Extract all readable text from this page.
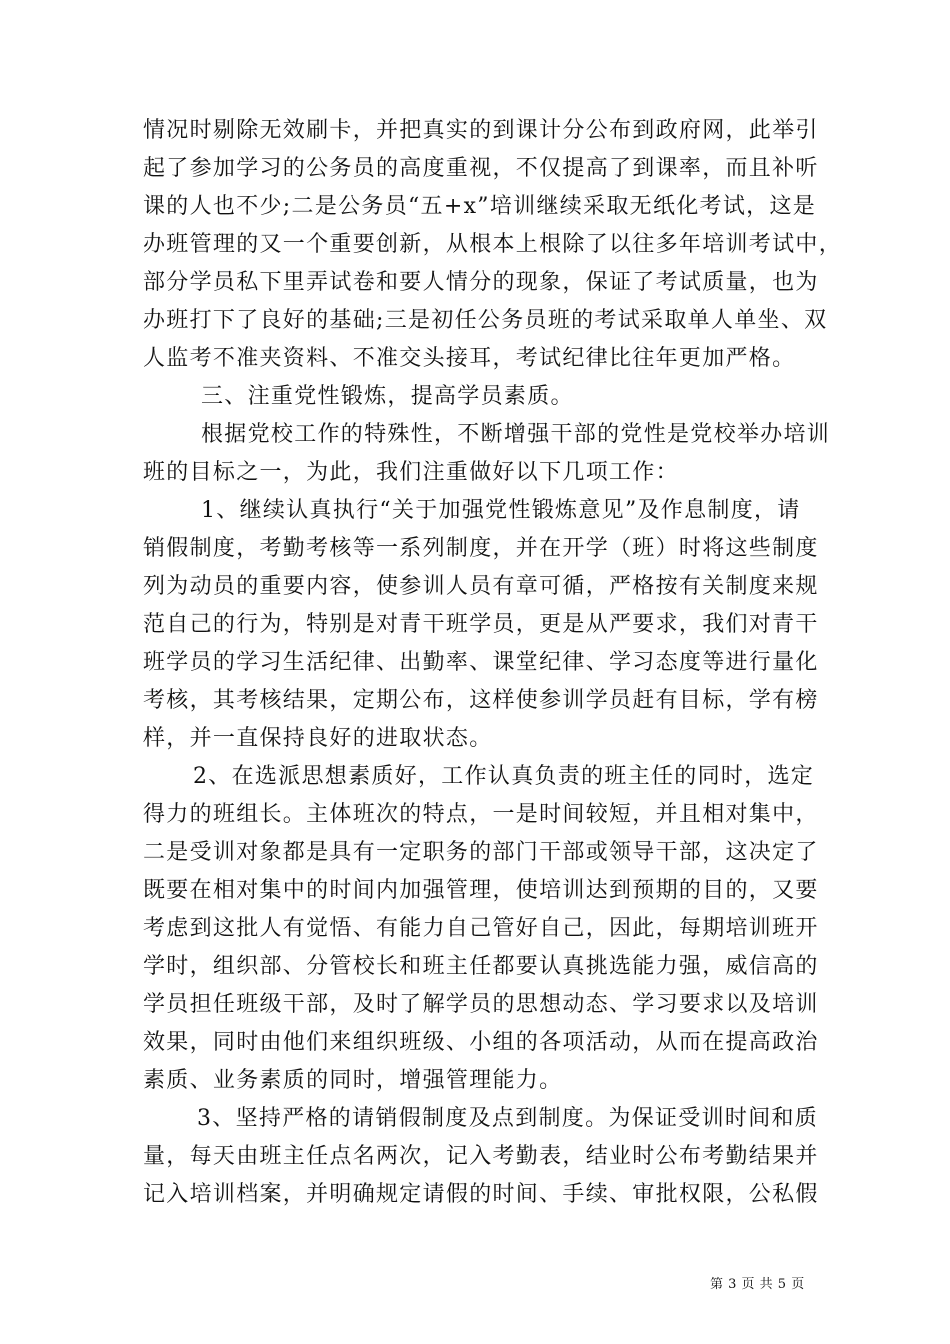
情况时剔除无效刷卡，并把真实的到课计分公布到政府网，此举引
起了参加学习的公务员的高度重视，不仅提高了到课率，而且补听
课的人也不少;二是公务员“五+x”培训继续采取无纸化考试，这是
办班管理的又一个重要创新，从根本上根除了以往多年培训考试中，
部分学员私下里弄试卷和要人情分的现象，保证了考试质量，也为
办班打下了良好的基础;三是初任公务员班的考试采取单人单坐、双
人监考不准夹资料、不准交头接耳，考试纪律比往年更加严格。
三、注重党性锻炼，提高学员素质。
根据党校工作的特殊性，不断增强干部的党性是党校举办培训
班的目标之一，为此，我们注重做好以下几项工作：
1、继续认真执行“关于加强党性锻炼意见”及作息制度，请
销假制度，考勤考核等一系列制度，并在开学（班）时将这些制度
列为动员的重要内容，使参训人员有章可循，严格按有关制度来规
范自己的行为，特别是对青干班学员，更是从严要求，我们对青干
班学员的学习生活纪律、出勤率、课堂纪律、学习态度等进行量化
考核，其考核结果，定期公布，这样使参训学员赶有目标，学有榜
样，并一直保持良好的进取状态。
2、在选派思想素质好，工作认真负责的班主任的同时，选定
得力的班组长。主体班次的特点，一是时间较短，并且相对集中，
二是受训对象都是具有一定职务的部门干部或领导干部，这决定了
既要在相对集中的时间内加强管理，使培训达到预期的目的，又要
考虑到这批人有觉悟、有能力自己管好自己，因此，每期培训班开
学时，组织部、分管校长和班主任都要认真挑选能力强，威信高的
学员担任班级干部，及时了解学员的思想动态、学习要求以及培训
效果，同时由他们来组织班级、小组的各项活动，从而在提高政治
素质、业务素质的同时，增强管理能力。
3、坚持严格的请销假制度及点到制度。为保证受训时间和质
量，每天由班主任点名两次，记入考勤表，结业时公布考勤结果并
记入培训档案，并明确规定请假的时间、手续、审批权限，公私假
第 3 页 共 5 页
